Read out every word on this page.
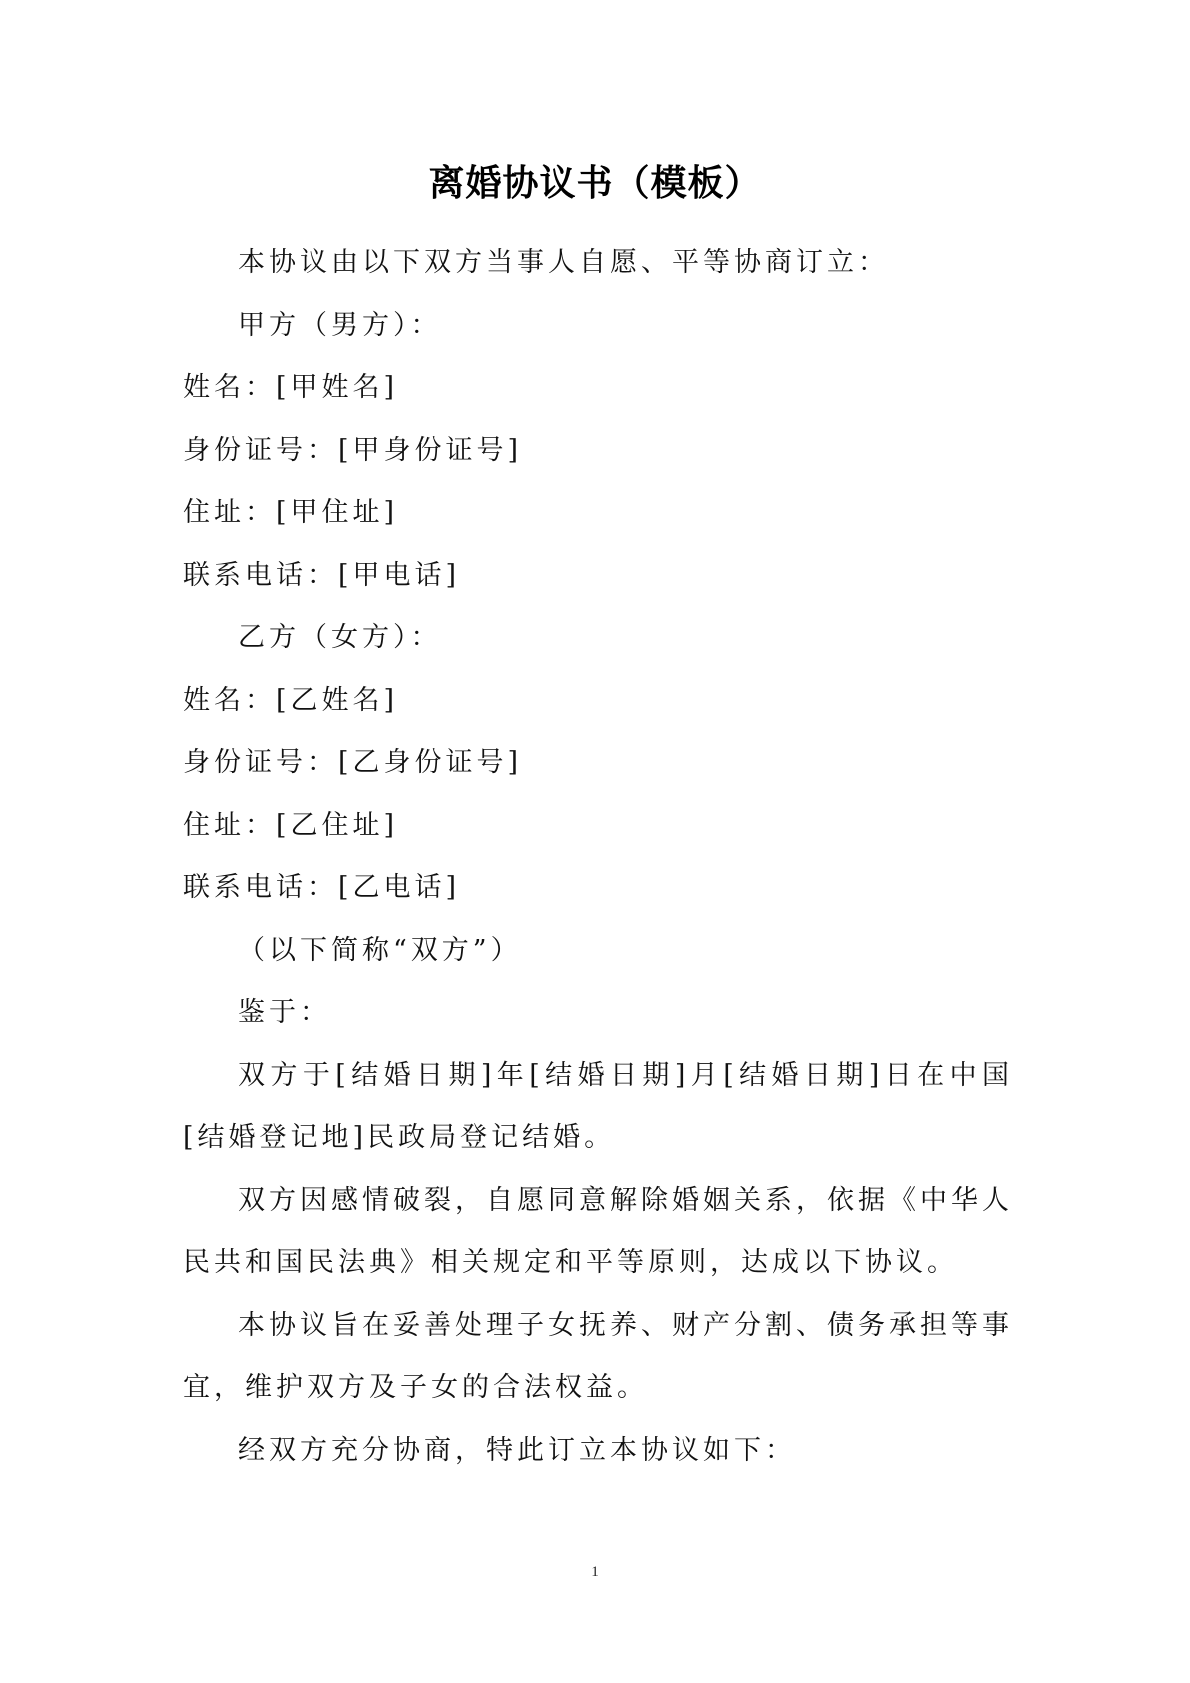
离婚协议书（模板）

本协议由以下双方当事人自愿、平等协商订立：

甲方（男方）：

姓名：[甲姓名]

身份证号：[甲身份证号]

住址：[甲住址]

联系电话：[甲电话]

乙方（女方）：

姓名：[乙姓名]

身份证号：[乙身份证号]

住址：[乙住址]

联系电话：[乙电话]

（以下简称“双方”）

鉴于：

双方于[结婚日期]年[结婚日期]月[结婚日期]日在中国[结婚登记地]民政局登记结婚。

双方因感情破裂，自愿同意解除婚姻关系，依据《中华人民共和国民法典》相关规定和平等原则，达成以下协议。

本协议旨在妥善处理子女抚养、财产分割、债务承担等事宜，维护双方及子女的合法权益。

经双方充分协商，特此订立本协议如下：

1
